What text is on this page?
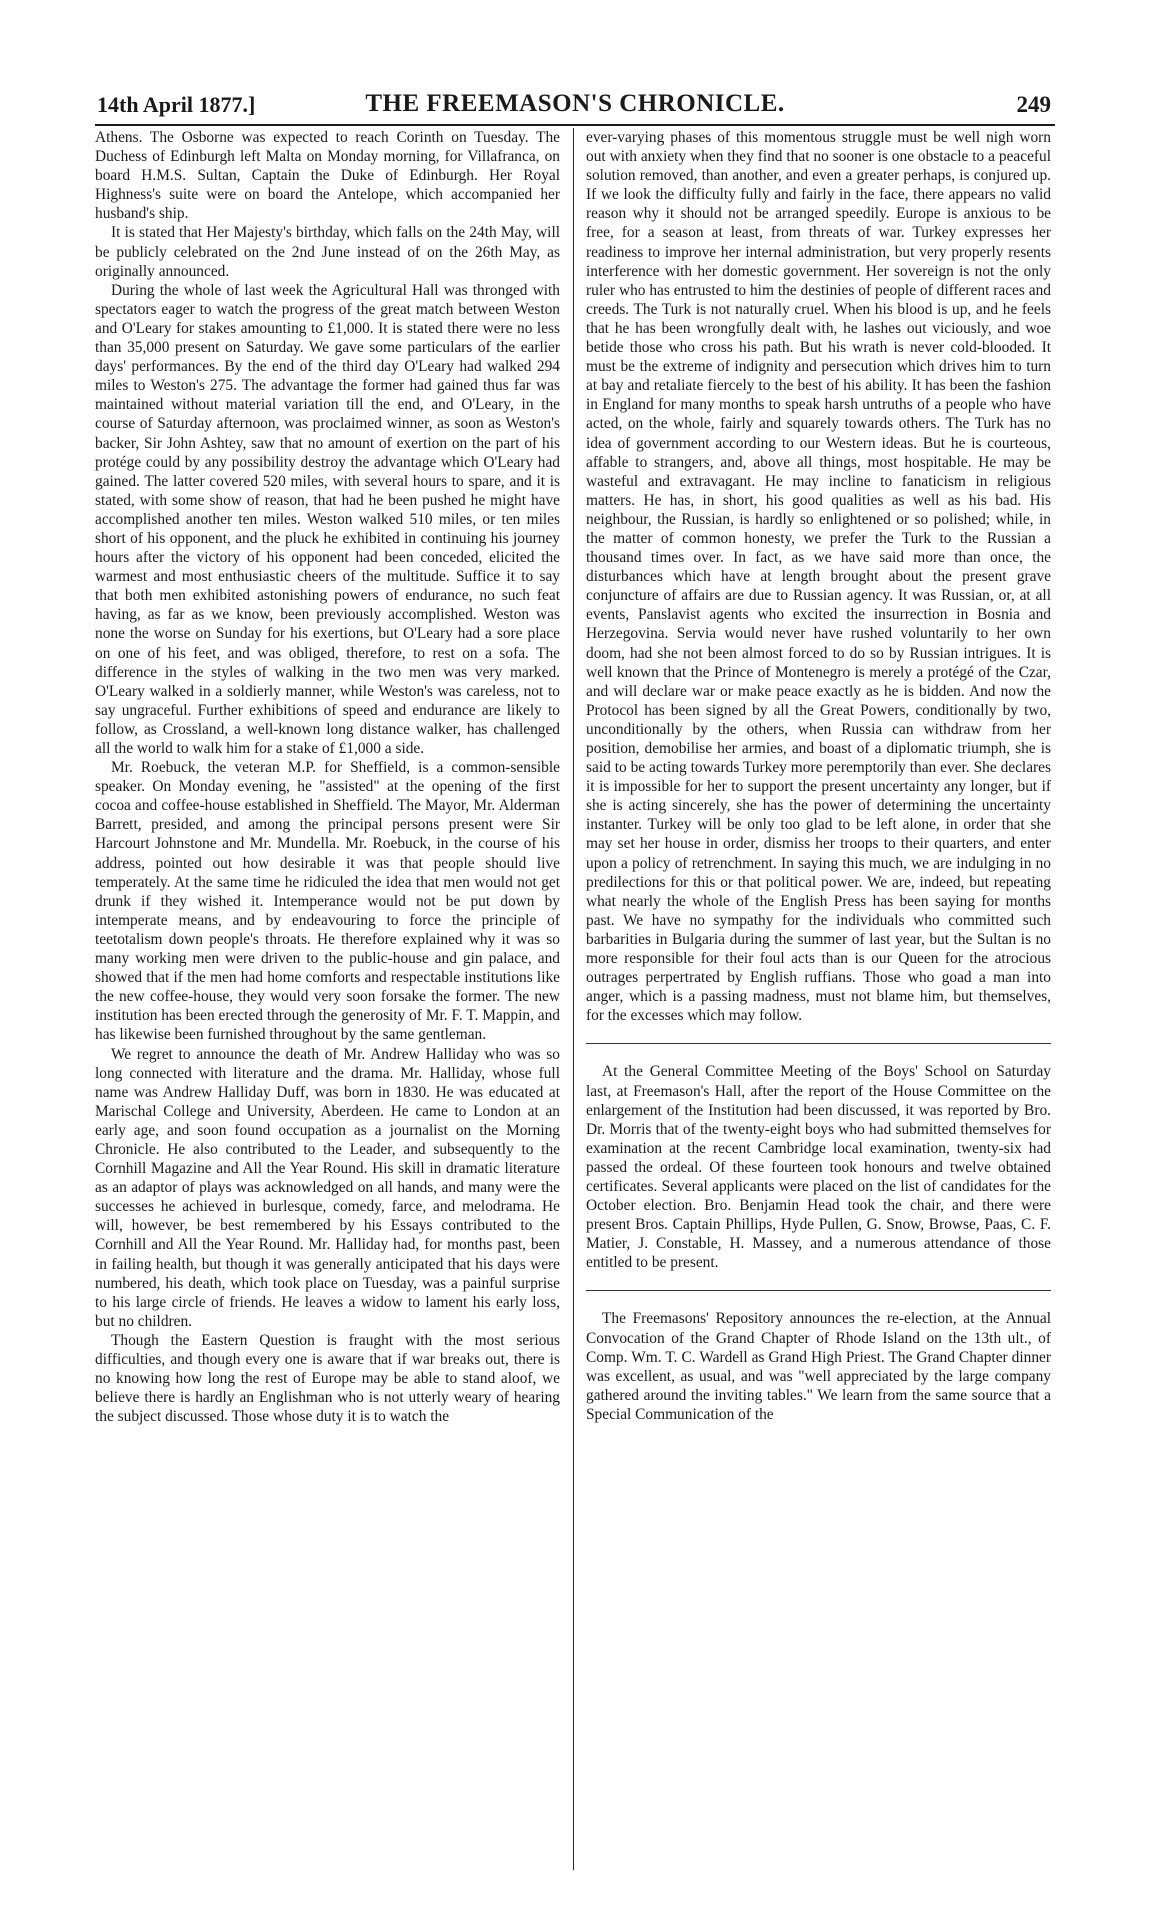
14th April 1877.]	THE FREEMASON'S CHRONICLE.	249

Athens. The Osborne was expected to reach Corinth on Tuesday. The Duchess of Edinburgh left Malta on Monday morning, for Villafranca, on board H.M.S. Sultan, Captain the Duke of Edinburgh. Her Royal Highness's suite were on board the Antelope, which accompanied her husband's ship.

It is stated that Her Majesty's birthday, which falls on the 24th May, will be publicly celebrated on the 2nd June instead of on the 26th May, as originally announced.

During the whole of last week the Agricultural Hall was thronged with spectators eager to watch the progress of the great match between Weston and O'Leary for stakes amounting to £1,000. It is stated there were no less than 35,000 present on Saturday. We gave some particulars of the earlier days' performances. By the end of the third day O'Leary had walked 294 miles to Weston's 275. The advantage the former had gained thus far was maintained without material variation till the end, and O'Leary, in the course of Saturday afternoon, was proclaimed winner, as soon as Weston's backer, Sir John Ashtey, saw that no amount of exertion on the part of his protége could by any possibility destroy the advantage which O'Leary had gained. The latter covered 520 miles, with several hours to spare, and it is stated, with some show of reason, that had he been pushed he might have accomplished another ten miles. Weston walked 510 miles, or ten miles short of his opponent, and the pluck he exhibited in continuing his journey hours after the victory of his opponent had been conceded, elicited the warmest and most enthusiastic cheers of the multitude. Suffice it to say that both men exhibited astonishing powers of endurance, no such feat having, as far as we know, been previously accomplished. Weston was none the worse on Sunday for his exertions, but O'Leary had a sore place on one of his feet, and was obliged, therefore, to rest on a sofa. The difference in the styles of walking in the two men was very marked. O'Leary walked in a soldierly manner, while Weston's was careless, not to say ungraceful. Further exhibitions of speed and endurance are likely to follow, as Crossland, a well-known long distance walker, has challenged all the world to walk him for a stake of £1,000 a side.

Mr. Roebuck, the veteran M.P. for Sheffield, is a common-sensible speaker. On Monday evening, he "assisted" at the opening of the first cocoa and coffee-house established in Sheffield. The Mayor, Mr. Alderman Barrett, presided, and among the principal persons present were Sir Harcourt Johnstone and Mr. Mundella. Mr. Roebuck, in the course of his address, pointed out how desirable it was that people should live temperately. At the same time he ridiculed the idea that men would not get drunk if they wished it. Intemperance would not be put down by intemperate means, and by endeavouring to force the principle of teetotalism down people's throats. He therefore explained why it was so many working men were driven to the public-house and gin palace, and showed that if the men had home comforts and respectable institutions like the new coffee-house, they would very soon forsake the former. The new institution has been erected through the generosity of Mr. F. T. Mappin, and has likewise been furnished throughout by the same gentleman.

We regret to announce the death of Mr. Andrew Halliday who was so long connected with literature and the drama. Mr. Halliday, whose full name was Andrew Halliday Duff, was born in 1830. He was educated at Marischal College and University, Aberdeen. He came to London at an early age, and soon found occupation as a journalist on the Morning Chronicle. He also contributed to the Leader, and subsequently to the Cornhill Magazine and All the Year Round. His skill in dramatic literature as an adaptor of plays was acknowledged on all hands, and many were the successes he achieved in burlesque, comedy, farce, and melodrama. He will, however, be best remembered by his Essays contributed to the Cornhill and All the Year Round. Mr. Halliday had, for months past, been in failing health, but though it was generally anticipated that his days were numbered, his death, which took place on Tuesday, was a painful surprise to his large circle of friends. He leaves a widow to lament his early loss, but no children.

Though the Eastern Question is fraught with the most serious difficulties, and though every one is aware that if war breaks out, there is no knowing how long the rest of Europe may be able to stand aloof, we believe there is hardly an Englishman who is not utterly weary of hearing the subject discussed. Those whose duty it is to watch the

ever-varying phases of this momentous struggle must be well nigh worn out with anxiety when they find that no sooner is one obstacle to a peaceful solution removed, than another, and even a greater perhaps, is conjured up. If we look the difficulty fully and fairly in the face, there appears no valid reason why it should not be arranged speedily. Europe is anxious to be free, for a season at least, from threats of war. Turkey expresses her readiness to improve her internal administration, but very properly resents interference with her domestic government. Her sovereign is not the only ruler who has entrusted to him the destinies of people of different races and creeds. The Turk is not naturally cruel. When his blood is up, and he feels that he has been wrongfully dealt with, he lashes out viciously, and woe betide those who cross his path. But his wrath is never cold-blooded. It must be the extreme of indignity and persecution which drives him to turn at bay and retaliate fiercely to the best of his ability. It has been the fashion in England for many months to speak harsh untruths of a people who have acted, on the whole, fairly and squarely towards others. The Turk has no idea of government according to our Western ideas. But he is courteous, affable to strangers, and, above all things, most hospitable. He may be wasteful and extravagant. He may incline to fanaticism in religious matters. He has, in short, his good qualities as well as his bad. His neighbour, the Russian, is hardly so enlightened or so polished; while, in the matter of common honesty, we prefer the Turk to the Russian a thousand times over. In fact, as we have said more than once, the disturbances which have at length brought about the present grave conjuncture of affairs are due to Russian agency. It was Russian, or, at all events, Panslavist agents who excited the insurrection in Bosnia and Herzegovina. Servia would never have rushed voluntarily to her own doom, had she not been almost forced to do so by Russian intrigues. It is well known that the Prince of Montenegro is merely a protégé of the Czar, and will declare war or make peace exactly as he is bidden. And now the Protocol has been signed by all the Great Powers, conditionally by two, unconditionally by the others, when Russia can withdraw from her position, demobilise her armies, and boast of a diplomatic triumph, she is said to be acting towards Turkey more peremptorily than ever. She declares it is impossible for her to support the present uncertainty any longer, but if she is acting sincerely, she has the power of determining the uncertainty instanter. Turkey will be only too glad to be left alone, in order that she may set her house in order, dismiss her troops to their quarters, and enter upon a policy of retrenchment. In saying this much, we are indulging in no predilections for this or that political power. We are, indeed, but repeating what nearly the whole of the English Press has been saying for months past. We have no sympathy for the individuals who committed such barbarities in Bulgaria during the summer of last year, but the Sultan is no more responsible for their foul acts than is our Queen for the atrocious outrages perpertrated by English ruffians. Those who goad a man into anger, which is a passing madness, must not blame him, but themselves, for the excesses which may follow.

At the General Committee Meeting of the Boys' School on Saturday last, at Freemason's Hall, after the report of the House Committee on the enlargement of the Institution had been discussed, it was reported by Bro. Dr. Morris that of the twenty-eight boys who had submitted themselves for examination at the recent Cambridge local examination, twenty-six had passed the ordeal. Of these fourteen took honours and twelve obtained certificates. Several applicants were placed on the list of candidates for the October election. Bro. Benjamin Head took the chair, and there were present Bros. Captain Phillips, Hyde Pullen, G. Snow, Browse, Paas, C. F. Matier, J. Constable, H. Massey, and a numerous attendance of those entitled to be present.

The Freemasons' Repository announces the re-election, at the Annual Convocation of the Grand Chapter of Rhode Island on the 13th ult., of Comp. Wm. T. C. Wardell as Grand High Priest. The Grand Chapter dinner was excellent, as usual, and was "well appreciated by the large company gathered around the inviting tables." We learn from the same source that a Special Communication of the
